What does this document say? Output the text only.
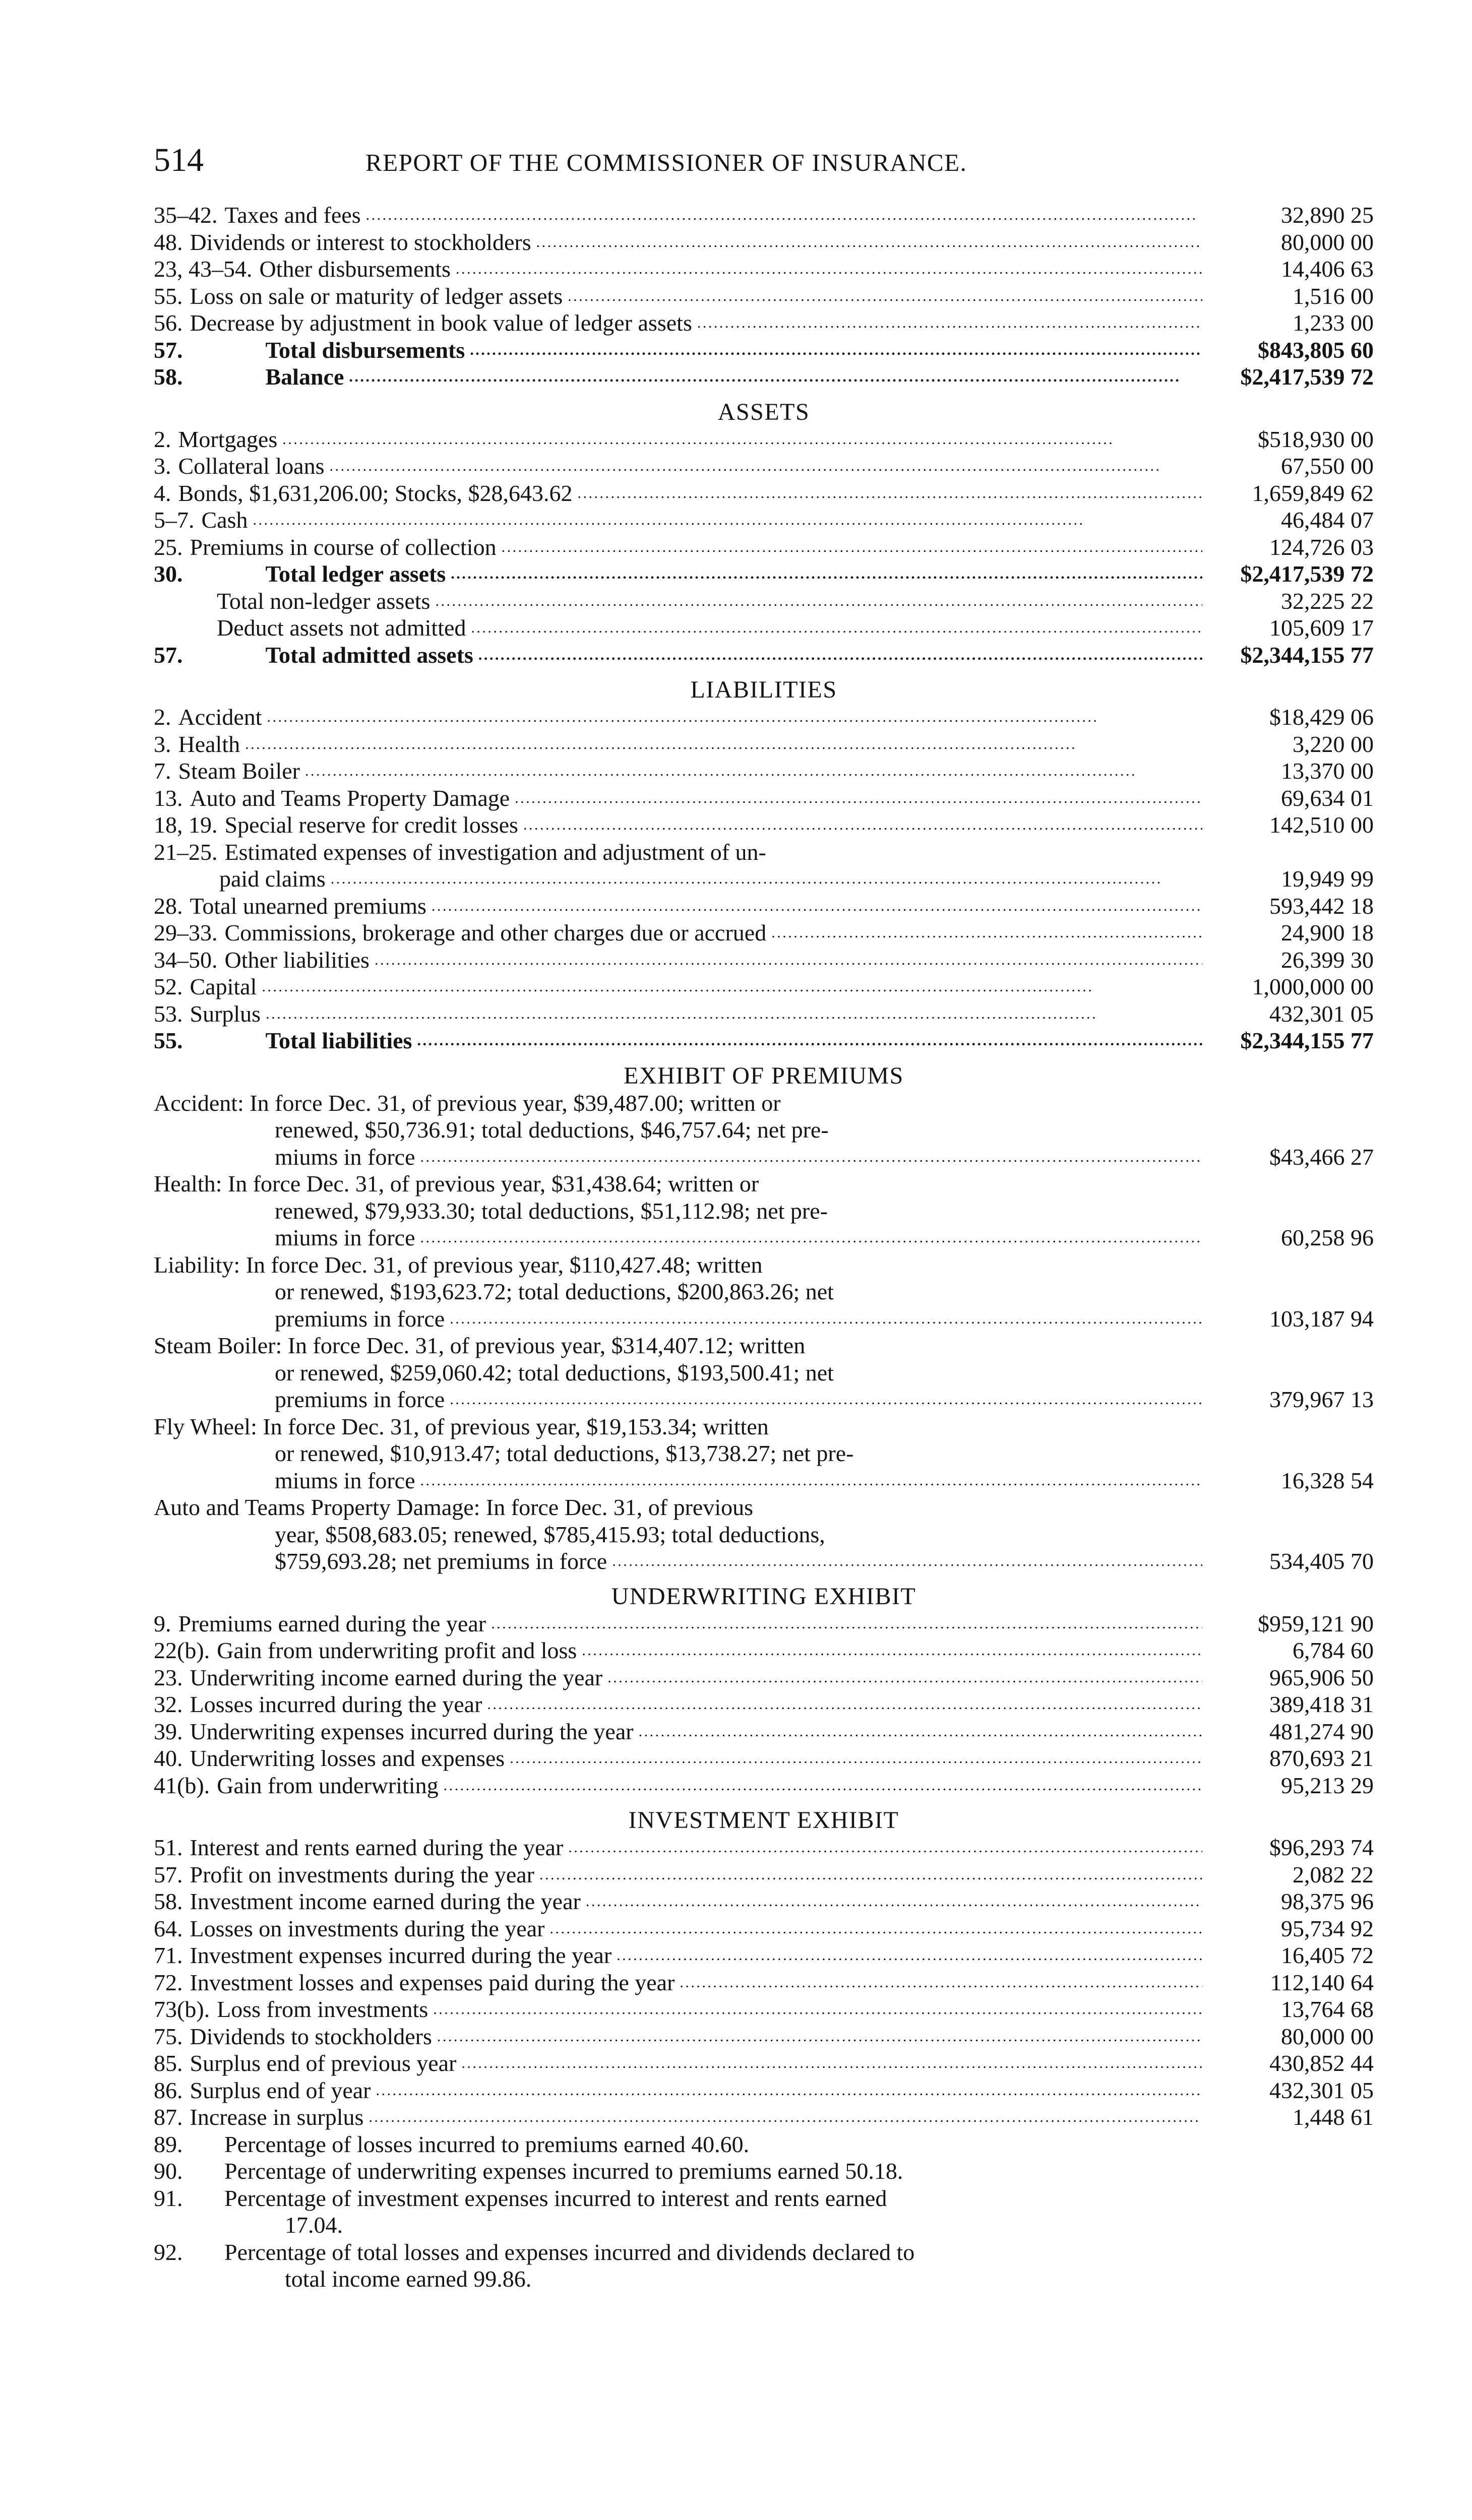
514	REPORT OF THE COMMISSIONER OF INSURANCE.
35–42. Taxes and fees . . .	32,890 25
48. Dividends or interest to stockholders . . .	80,000 00
23, 43–54. Other disbursements . . .	14,406 63
55. Loss on sale or maturity of ledger assets . . .	1,516 00
56. Decrease by adjustment in book value of ledger assets . . .	1,233 00
57.	Total disbursements . . .	$843,805 60
58.	Balance . . .	$2,417,539 72
ASSETS
2. Mortgages . . .	$518,930 00
3. Collateral loans . . .	67,550 00
4. Bonds, $1,631,206.00; Stocks, $28,643.62 . . .	1,659,849 62
5–7. Cash . . .	46,484 07
25. Premiums in course of collection . . .	124,726 03
30.	Total ledger assets . . .	$2,417,539 72
Total non-ledger assets . . .	32,225 22
Deduct assets not admitted . . .	105,609 17
57.	Total admitted assets . . .	$2,344,155 77
LIABILITIES
2. Accident . . .	$18,429 06
3. Health . . .	3,220 00
7. Steam Boiler . . .	13,370 00
13. Auto and Teams Property Damage . . .	69,634 01
18, 19. Special reserve for credit losses . . .	142,510 00
21–25. Estimated expenses of investigation and adjustment of un-
paid claims . . .	19,949 99
28. Total unearned premiums . . .	593,442 18
29–33. Commissions, brokerage and other charges due or accrued . . .	24,900 18
34–50. Other liabilities . . .	26,399 30
52. Capital . . .	1,000,000 00
53. Surplus . . .	432,301 05
55.	Total liabilities . . .	$2,344,155 77
EXHIBIT OF PREMIUMS
Accident: In force Dec. 31, of previous year, $39,487.00; written or
renewed, $50,736.91; total deductions, $46,757.64; net pre-
miums in force . . .	$43,466 27
Health: In force Dec. 31, of previous year, $31,438.64; written or
renewed, $79,933.30; total deductions, $51,112.98; net pre-
miums in force . . .	60,258 96
Liability: In force Dec. 31, of previous year, $110,427.48; written
or renewed, $193,623.72; total deductions, $200,863.26; net
premiums in force . . .	103,187 94
Steam Boiler: In force Dec. 31, of previous year, $314,407.12; written
or renewed, $259,060.42; total deductions, $193,500.41; net
premiums in force . . .	379,967 13
Fly Wheel: In force Dec. 31, of previous year, $19,153.34; written
or renewed, $10,913.47; total deductions, $13,738.27; net pre-
miums in force . . .	16,328 54
Auto and Teams Property Damage: In force Dec. 31, of previous
year, $508,683.05; renewed, $785,415.93; total deductions,
$759,693.28; net premiums in force . . .	534,405 70
UNDERWRITING EXHIBIT
9. Premiums earned during the year . . .	$959,121 90
22(b). Gain from underwriting profit and loss . . .	6,784 60
23. Underwriting income earned during the year . . .	965,906 50
32. Losses incurred during the year . . .	389,418 31
39. Underwriting expenses incurred during the year . . .	481,274 90
40. Underwriting losses and expenses . . .	870,693 21
41(b). Gain from underwriting . . .	95,213 29
INVESTMENT EXHIBIT
51. Interest and rents earned during the year . . .	$96,293 74
57. Profit on investments during the year . . .	2,082 22
58. Investment income earned during the year . . .	98,375 96
64. Losses on investments during the year . . .	95,734 92
71. Investment expenses incurred during the year . . .	16,405 72
72. Investment losses and expenses paid during the year . . .	112,140 64
73(b). Loss from investments . . .	13,764 68
75. Dividends to stockholders . . .	80,000 00
85. Surplus end of previous year . . .	430,852 44
86. Surplus end of year . . .	432,301 05
87. Increase in surplus . . .	1,448 61
89.	Percentage of losses incurred to premiums earned 40.60.
90.	Percentage of underwriting expenses incurred to premiums earned 50.18.
91.	Percentage of investment expenses incurred to interest and rents earned
17.04.
92.	Percentage of total losses and expenses incurred and dividends declared to
total income earned 99.86.
